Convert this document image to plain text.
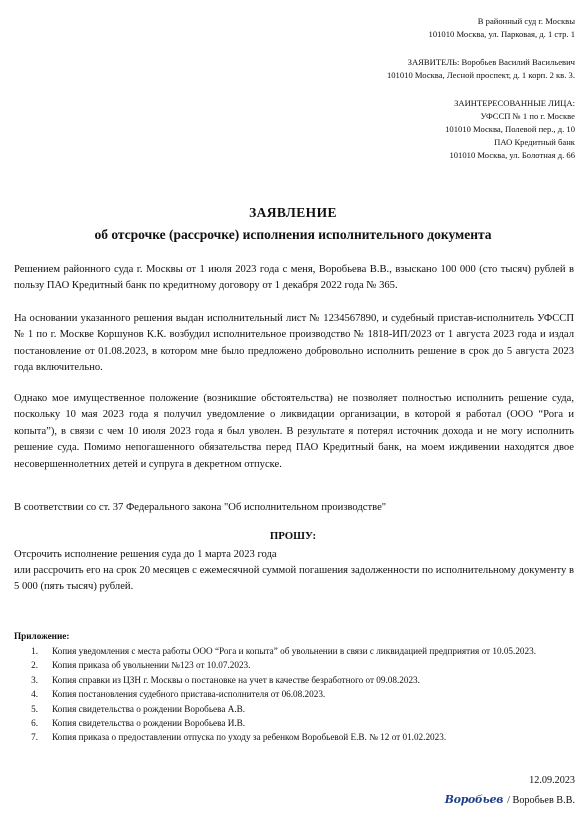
В районный суд г. Москвы
101010 Москва, ул. Парковая, д. 1 стр. 1
ЗАЯВИТЕЛЬ: Воробьев Василий Васильевич
101010 Москва, Лесной проспект, д. 1 корп. 2 кв. 3.
ЗАИНТЕРЕСОВАННЫЕ ЛИЦА:
УФССП № 1 по г. Москве
101010 Москва, Полевой пер., д. 10
ПАО Кредитный банк
101010 Москва, ул. Болотная д. 66
ЗАЯВЛЕНИЕ
об отсрочке (рассрочке) исполнения исполнительного документа
Решением районного суда г. Москвы от 1 июля 2023 года с меня, Воробьева В.В., взыскано 100 000 (сто тысяч) рублей в пользу ПАО Кредитный банк по кредитному договору от 1 декабря 2022 года № 365.
На основании указанного решения выдан исполнительный лист № 1234567890, и судебный пристав-исполнитель УФССП № 1 по г. Москве Коршунов К.К. возбудил исполнительное производство № 1818-ИП/2023 от 1 августа 2023 года и издал постановление от 01.08.2023, в котором мне было предложено добровольно исполнить решение в срок до 5 августа 2023 года включительно.
Однако мое имущественное положение (возникшие обстоятельства) не позволяет полностью исполнить решение суда, поскольку 10 мая 2023 года я получил уведомление о ликвидации организации, в которой я работал (ООО “Рога и копыта”), в связи с чем 10 июля 2023 года я был уволен. В результате я потерял источник дохода и не могу исполнить решение суда. Помимо непогашенного обязательства перед ПАО Кредитный банк, на моем иждивении находятся двое несовершеннолетних детей и супруга в декретном отпуске.
В соответствии со ст. 37 Федерального закона "Об исполнительном производстве"
ПРОШУ:
Отсрочить исполнение решения суда до 1 марта 2023 года
или рассрочить его на срок 20 месяцев с ежемесячной суммой погашения задолженности по исполнительному документу в 5 000 (пять тысяч) рублей.
Приложение:
1.	Копия уведомления с места работы ООО “Рога и копыта” об увольнении в связи с ликвидацией предприятия от 10.05.2023.
2.	Копия приказа об увольнении №123 от 10.07.2023.
3.	Копия справки из ЦЗН г. Москвы о постановке на учет в качестве безработного от 09.08.2023.
4.	Копия постановления судебного пристава-исполнителя от 06.08.2023.
5.	Копия свидетельства о рождении Воробьева А.В.
6.	Копия свидетельства о рождении Воробьева И.В.
7.	Копия приказа о предоставлении отпуска по уходу за ребенком Воробьевой Е.В. № 12 от 01.02.2023.
12.09.2023
Воробьев / Воробьев В.В.
